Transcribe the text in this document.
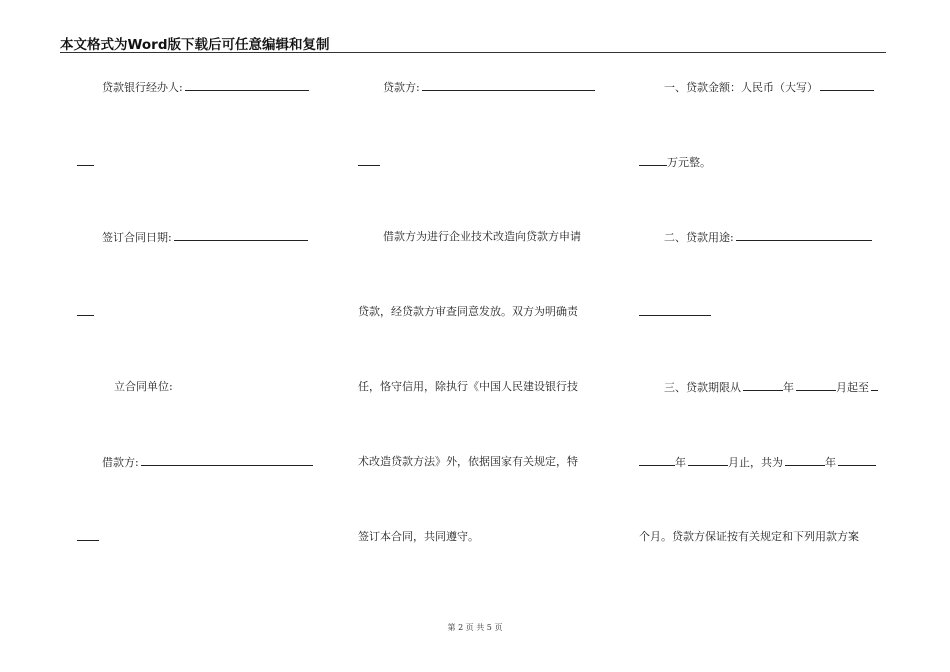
本文格式为Word版下载后可任意编辑和复制
贷款银行经办人:
签订合同日期:
立合同单位:
借款方:
贷款方:
借款方为进行企业技术改造向贷款方申请
贷款，经贷款方审查同意发放。双方为明确责
任，恪守信用，除执行《中国人民建设银行技
术改造贷款方法》外，依据国家有关规定，特
签订本合同，共同遵守。
一、贷款金额：人民币（大写）
万元整。
二、贷款用途:
三、贷款期限从	年	月起至
年	月止，共为	年
个月。贷款方保证按有关规定和下列用款方案
第 2 页 共 5 页
